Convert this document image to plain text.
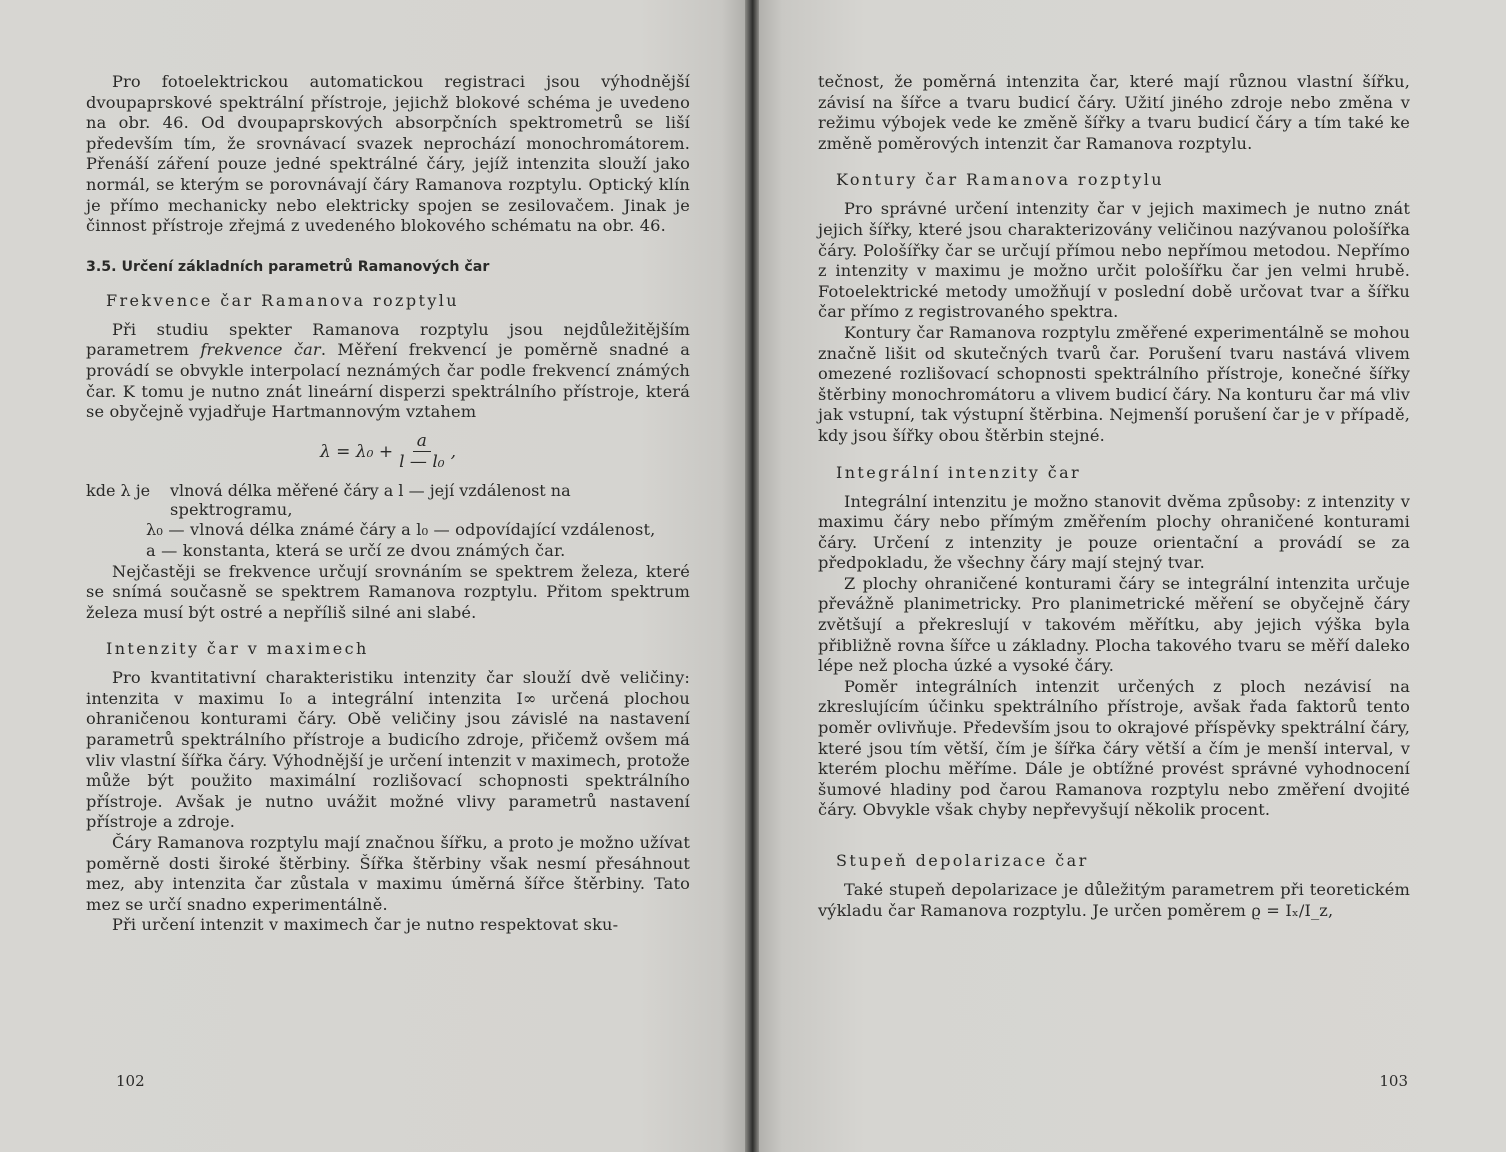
Pro fotoelektrickou automatickou registraci jsou výhodnější dvoupaprskové spektrální přístroje, jejichž blokové schéma je uvedeno na obr. 46. Od dvoupaprskových absorpčních spektrometrů se liší především tím, že srovnávací svazek neprochází monochromátorem. Přenáší záření pouze jedné spektrálné čáry, jejíž intenzita slouží jako normál, se kterým se porovnávají čáry Ramanova rozptylu. Optický klín je přímo mechanicky nebo elektricky spojen se zesilovačem. Jinak je činnost přístroje zřejmá z uvedeného blokového schématu na obr. 46.

3.5. Určení základních parametrů Ramanových čar
Frekvence čar Ramanova rozptylu

Při studiu spekter Ramanova rozptylu jsou nejdůležitějším parametrem frekvence čar. Měření frekvencí je poměrně snadné a provádí se obvykle interpolací neznámých čar podle frekvencí známých čar. K tomu je nutno znát lineární disperzi spektrálního přístroje, která se obyčejně vyjadřuje Hartmannovým vztahem

$\lambda = \lambda_0 + \frac{a}{\text{l — l₀}}$ ,
kde λ je	vlnová délka měřené čáry a l — její vzdálenost na

spektrogramu,

λ₀ — vlnová délka známé čáry a l₀ — odpovídající vzdálenost,

a — konstanta, která se určí ze dvou známých čar.

Nejčastěji se frekvence určují srovnáním se spektrem železa, které se snímá současně se spektrem Ramanova rozptylu. Přitom spektrum železa musí být ostré a nepříliš silné ani slabé.

Intenzity čar v maximech

Pro kvantitativní charakteristiku intenzity čar slouží dvě veličiny: intenzita v maximu I₀ a integrální intenzita I∞ určená plochou ohraničenou konturami čáry. Obě veličiny jsou závislé na nastavení parametrů spektrálního přístroje a budicího zdroje, přičemž ovšem má vliv vlastní šířka čáry. Výhodnější je určení intenzit v maximech, protože může být použito maximální rozlišovací schopnosti spektrálního přístroje. Avšak je nutno uvážit možné vlivy parametrů nastavení přístroje a zdroje.

Čáry Ramanova rozptylu mají značnou šířku, a proto je možno užívat poměrně dosti široké štěrbiny. Šířka štěrbiny však nesmí přesáhnout mez, aby intenzita čar zůstala v maximu úměrná šířce štěrbiny. Tato mez se určí snadno experimentálně.

Při určení intenzit v maximech čar je nutno respektovat sku-

102

tečnost, že poměrná intenzita čar, které mají různou vlastní šířku, závisí na šířce a tvaru budicí čáry. Užití jiného zdroje nebo změna v režimu výbojek vede ke změně šířky a tvaru budicí čáry a tím také ke změně poměrových intenzit čar Ramanova rozptylu.

Kontury čar Ramanova rozptylu

Pro správné určení intenzity čar v jejich maximech je nutno znát jejich šířky, které jsou charakterizovány veličinou nazývanou pološířka čáry. Pološířky čar se určují přímou nebo nepřímou metodou. Nepřímo z intenzity v maximu je možno určit pološířku čar jen velmi hrubě. Fotoelektrické metody umožňují v poslední době určovat tvar a šířku čar přímo z registrovaného spektra.

Kontury čar Ramanova rozptylu změřené experimentálně se mohou značně lišit od skutečných tvarů čar. Porušení tvaru nastává vlivem omezené rozlišovací schopnosti spektrálního přístroje, konečné šířky štěrbiny monochromátoru a vlivem budicí čáry. Na konturu čar má vliv jak vstupní, tak výstupní štěrbina. Nejmenší porušení čar je v případě, kdy jsou šířky obou štěrbin stejné.

Integrální intenzity čar

Integrální intenzitu je možno stanovit dvěma způsoby: z intenzity v maximu čáry nebo přímým změřením plochy ohraničené konturami čáry. Určení z intenzity je pouze orientační a provádí se za předpokladu, že všechny čáry mají stejný tvar.

Z plochy ohraničené konturami čáry se integrální intenzita určuje převážně planimetricky. Pro planimetrické měření se obyčejně čáry zvětšují a překreslují v takovém měřítku, aby jejich výška byla přibližně rovna šířce u základny. Plocha takového tvaru se měří daleko lépe než plocha úzké a vysoké čáry.

Poměr integrálních intenzit určených z ploch nezávisí na zkreslujícím účinku spektrálního přístroje, avšak řada faktorů tento poměr ovlivňuje. Především jsou to okrajové příspěvky spektrální čáry, které jsou tím větší, čím je šířka čáry větší a čím je menší interval, v kterém plochu měříme. Dále je obtížné provést správné vyhodnocení šumové hladiny pod čarou Ramanova rozptylu nebo změření dvojité čáry. Obvykle však chyby nepřevyšují několik procent.

Stupeň depolarizace čar

Také stupeň depolarizace je důležitým parametrem při teoretickém výkladu čar Ramanova rozptylu. Je určen poměrem ϱ = Iₓ/I_z,

103
